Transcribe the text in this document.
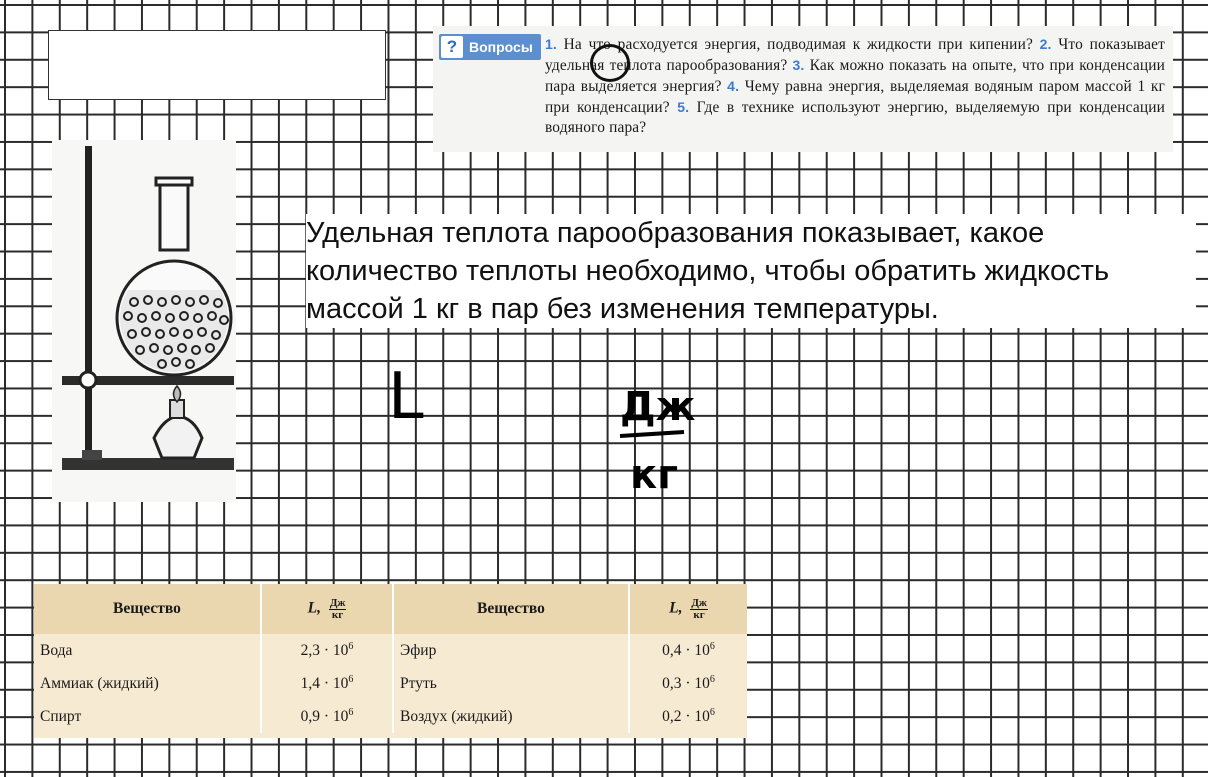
? Вопросы 1. На что расходуется энергия, подводимая к жидкости при кипении? 2. Что показывает удельная теплота парообразования? 3. Как можно показать на опыте, что при конденсации пара выделяется энергия? 4. Чему равна энергия, выделяемая водяным паром массой 1 кг при конденсации? 5. Где в технике используют энергию, выделяемую при конденсации водяного пара?
Удельная теплота парообразования показывает, какое количество теплоты необходимо, чтобы обратить жидкость массой 1 кг в пар без изменения температуры.
L	Дж
кг
Вещество	L, $\frac{Дж}{кг}$	Вещество	L, $\frac{Дж}{кг}$
Вода	$2,3 \cdot 10^6$	Эфир	$0,4 \cdot 10^6$
Аммиак (жидкий)	$1,4 \cdot 10^6$	Ртуть	$0,3 \cdot 10^6$
Спирт	$0,9 \cdot 10^6$	Воздух (жидкий)	$0,2 \cdot 10^6$
